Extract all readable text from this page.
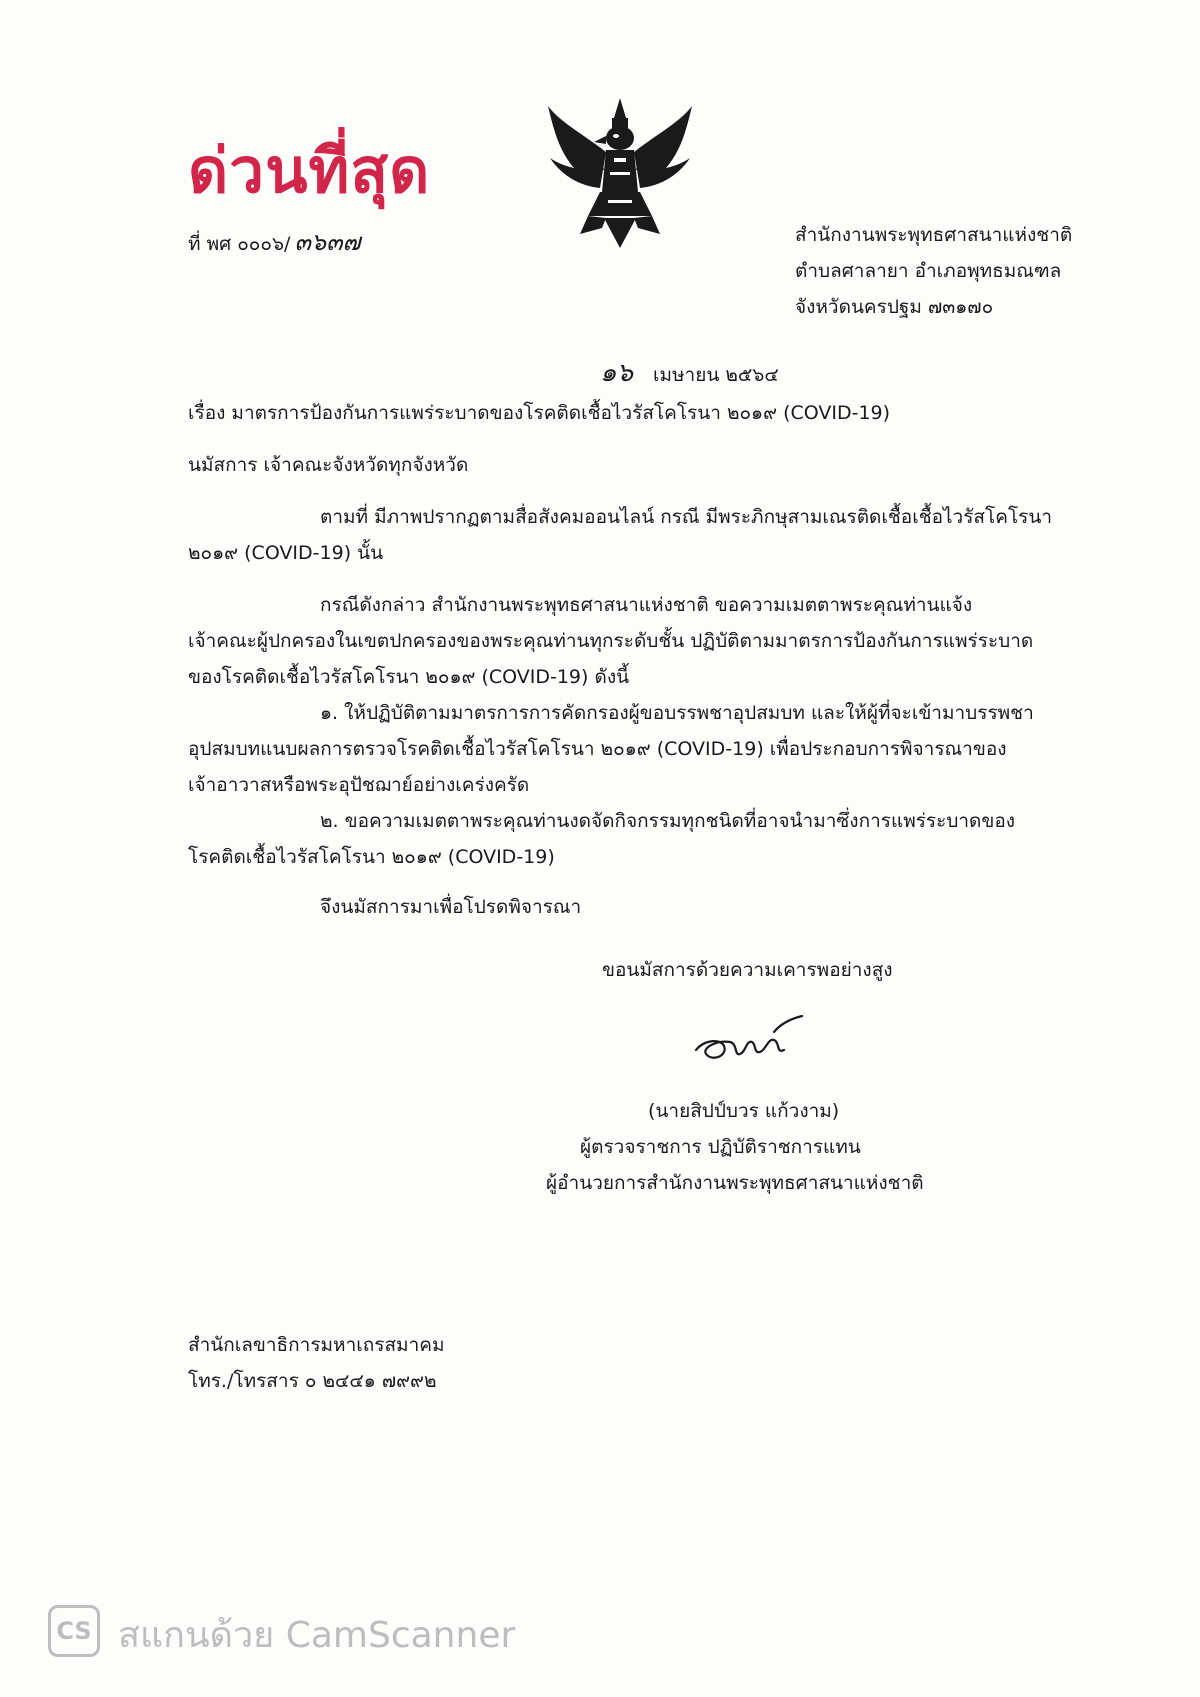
ด่วนที่สุด
ที่ พศ ๐๐๐๖/ ๓๖๓๗	สำนักงานพระพุทธศาสนาแห่งชาติ
ตำบลศาลายา อำเภอพุทธมณฑล
จังหวัดนครปฐม ๗๓๑๗๐
๑๖ เมษายน ๒๕๖๔
เรื่อง มาตรการป้องกันการแพร่ระบาดของโรคติดเชื้อไวรัสโคโรนา ๒๐๑๙ (COVID-19)
นมัสการ เจ้าคณะจังหวัดทุกจังหวัด
ตามที่ มีภาพปรากฏตามสื่อสังคมออนไลน์ กรณี มีพระภิกษุสามเณรติดเชื้อเชื้อไวรัสโคโรนา
๒๐๑๙ (COVID-19) นั้น
กรณีดังกล่าว สำนักงานพระพุทธศาสนาแห่งชาติ ขอความเมตตาพระคุณท่านแจ้ง
เจ้าคณะผู้ปกครองในเขตปกครองของพระคุณท่านทุกระดับชั้น ปฏิบัติตามมาตรการป้องกันการแพร่ระบาด
ของโรคติดเชื้อไวรัสโคโรนา ๒๐๑๙ (COVID-19) ดังนี้
๑. ให้ปฏิบัติตามมาตรการการคัดกรองผู้ขอบรรพชาอุปสมบท และให้ผู้ที่จะเข้ามาบรรพชา
อุปสมบทแนบผลการตรวจโรคติดเชื้อไวรัสโคโรนา ๒๐๑๙ (COVID-19) เพื่อประกอบการพิจารณาของ
เจ้าอาวาสหรือพระอุปัชฌาย์อย่างเคร่งครัด
๒. ขอความเมตตาพระคุณท่านงดจัดกิจกรรมทุกชนิดที่อาจนำมาซึ่งการแพร่ระบาดของ
โรคติดเชื้อไวรัสโคโรนา ๒๐๑๙ (COVID-19)
จึงนมัสการมาเพื่อโปรดพิจารณา
ขอนมัสการด้วยความเคารพอย่างสูง
(นายสิปป์บวร แก้วงาม)
ผู้ตรวจราชการ ปฏิบัติราชการแทน
ผู้อำนวยการสำนักงานพระพุทธศาสนาแห่งชาติ
สำนักเลขาธิการมหาเถรสมาคม
โทร./โทรสาร ๐ ๒๔๔๑ ๗๙๙๒
CS สแกนด้วย CamScanner
